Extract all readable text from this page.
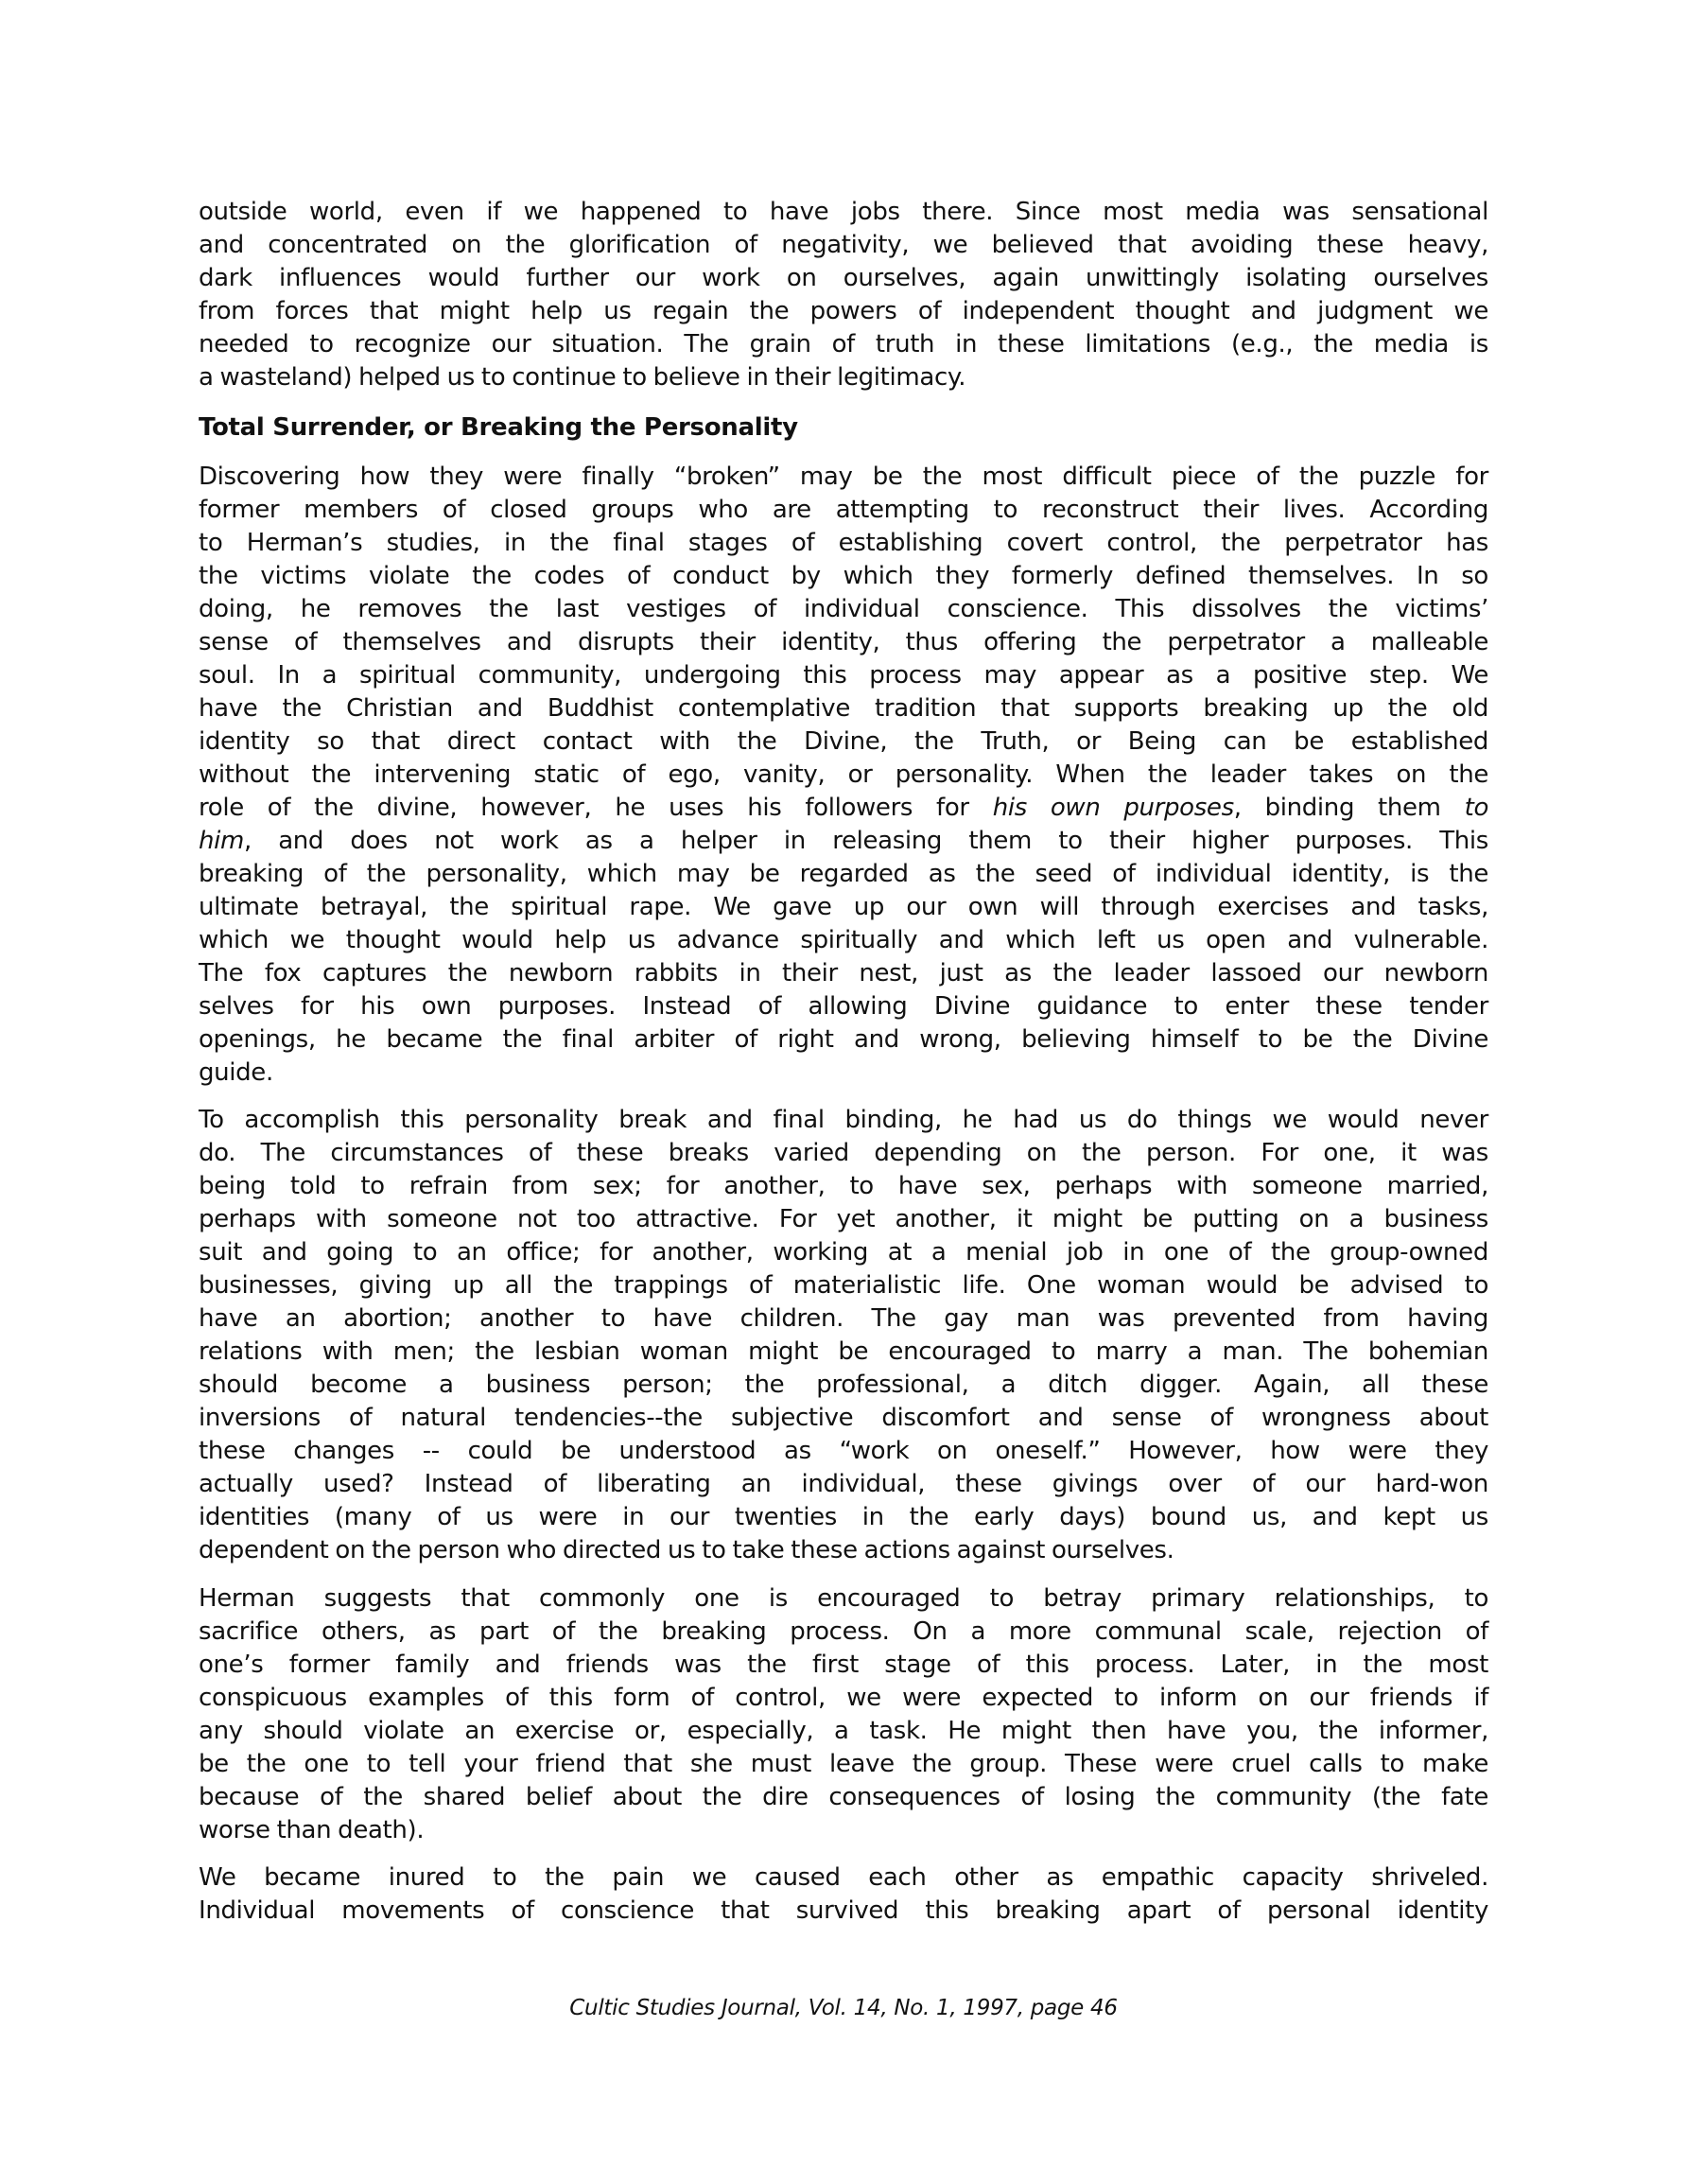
outside world, even if we happened to have jobs there. Since most media was sensational
and concentrated on the glorification of negativity, we believed that avoiding these heavy,
dark influences would further our work on ourselves, again unwittingly isolating ourselves
from forces that might help us regain the powers of independent thought and judgment we
needed to recognize our situation. The grain of truth in these limitations (e.g., the media is
a wasteland) helped us to continue to believe in their legitimacy.
Total Surrender, or Breaking the Personality
Discovering how they were finally “broken” may be the most difficult piece of the puzzle for
former members of closed groups who are attempting to reconstruct their lives. According
to Herman’s studies, in the final stages of establishing covert control, the perpetrator has
the victims violate the codes of conduct by which they formerly defined themselves. In so
doing, he removes the last vestiges of individual conscience. This dissolves the victims’
sense of themselves and disrupts their identity, thus offering the perpetrator a malleable
soul. In a spiritual community, undergoing this process may appear as a positive step. We
have the Christian and Buddhist contemplative tradition that supports breaking up the old
identity so that direct contact with the Divine, the Truth, or Being can be established
without the intervening static of ego, vanity, or personality. When the leader takes on the
role of the divine, however, he uses his followers for his own purposes, binding them to
him, and does not work as a helper in releasing them to their higher purposes. This
breaking of the personality, which may be regarded as the seed of individual identity, is the
ultimate betrayal, the spiritual rape. We gave up our own will through exercises and tasks,
which we thought would help us advance spiritually and which left us open and vulnerable.
The fox captures the newborn rabbits in their nest, just as the leader lassoed our newborn
selves for his own purposes. Instead of allowing Divine guidance to enter these tender
openings, he became the final arbiter of right and wrong, believing himself to be the Divine
guide.
To accomplish this personality break and final binding, he had us do things we would never
do. The circumstances of these breaks varied depending on the person. For one, it was
being told to refrain from sex; for another, to have sex, perhaps with someone married,
perhaps with someone not too attractive. For yet another, it might be putting on a business
suit and going to an office; for another, working at a menial job in one of the group-owned
businesses, giving up all the trappings of materialistic life. One woman would be advised to
have an abortion; another to have children. The gay man was prevented from having
relations with men; the lesbian woman might be encouraged to marry a man. The bohemian
should become a business person; the professional, a ditch digger. Again, all these
inversions of natural tendencies--the subjective discomfort and sense of wrongness about
these changes -- could be understood as “work on oneself.” However, how were they
actually used? Instead of liberating an individual, these givings over of our hard-won
identities (many of us were in our twenties in the early days) bound us, and kept us
dependent on the person who directed us to take these actions against ourselves.
Herman suggests that commonly one is encouraged to betray primary relationships, to
sacrifice others, as part of the breaking process. On a more communal scale, rejection of
one’s former family and friends was the first stage of this process. Later, in the most
conspicuous examples of this form of control, we were expected to inform on our friends if
any should violate an exercise or, especially, a task. He might then have you, the informer,
be the one to tell your friend that she must leave the group. These were cruel calls to make
because of the shared belief about the dire consequences of losing the community (the fate
worse than death).
We became inured to the pain we caused each other as empathic capacity shriveled.
Individual movements of conscience that survived this breaking apart of personal identity
Cultic Studies Journal, Vol. 14, No. 1, 1997, page 46
